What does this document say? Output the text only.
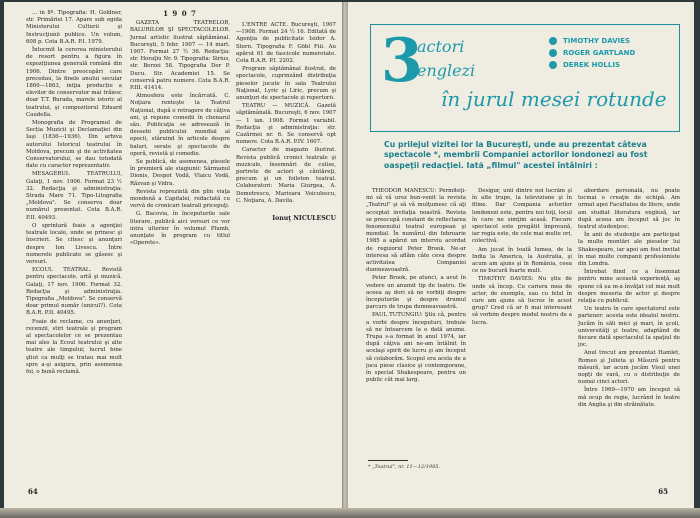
... în 8º. Tipografia: H. Goldner, str. Primăriei 17. Apare sub egida Ministerului Culturii şi Instrucţiunii publice. Un volum, 608 p. Cota B.A.R. P.I. 1979.

Întocmit la cererea ministerului de resort pentru a figura în expoziţiunea generală română din 1906. Dintre preocupări care precedau, la finele anului secular 1860—1863, iniţia producție a elevilor de conservator mai trăiesc doar T.T. Burada, marele istoric al teatrului, şi compozitorul Eduard Caudella.

Monografia de Programul de Secția Muzicii şi Declamaţiei din Iaşi (1836—1936). Din arhiva autorului Istoricul teatrului în Moldova, precum şi de activitatea Conservatorului, se dau totodată date cu caracter reprezentativ.

MESAGERUL TEATRULUI, Galaţi, 1 nov. 1906. Format 23 ½ 32. Redacţia şi administraţia: Strada Mare 71. Tipo-Litografia „Moldova". Se conserva doar numărul prezentat. Cota B.A.R. P.II. 40493.

O sprintară foaie a agenţiei teatrale locale, unde se prinesc şi înscrieri. Se citesc şi anunţuri despre Ion Livescu. Între numerele publicate se găsesc şi versuri.

ECOUL TEATRAL. Revistă pentru spectacole, artă şi muzică. Galaţi, 17 nov. 1906. Format 32. Redacţia şi administraţia. Tipografia „Moldova". Se conservă doar primul număr (unicul?). Cota B.A.R. P.II. 40495.

Foaie de reclame, cu anunţuri, recenzii, stiri teatrale şi program al spectacolelor ce se prezentau mai ales la Ecoul teatrului şi alte teatre ale timpului; lucrul bine ştiut ca mulţi se tratau mai mult spre a-şi asigura, prin asemenea foi, o bună reclamă.

1 9 0 7

GAZETA TEATRELOR, BALURILOR ŞI SPECTACOLELOR. Jurnal artistic ilustrat săptămânal. Bucureşti, 5 febr. 1907 — 14 mart. 1907. Format 27 ½ 36. Redacţia: str. Horaţiu Nr. 9. Tipografia: Sirius, str. Berzei 58. Tipografia Dor P. Ducu. Str. Academiei 15. Se conservă patru numere. Cota B.A.R. P.III. 41414.

Atmosfera este încărcată. C. Noţiara renteşte la Teatrul Naţional, după o retragere de câţiva ani, şi repune comedii în chenarul său. Publicaţia se adresează în deosebi publicului mondial al epocii, stăruind în articole despre baluri, serate şi spectacole de operă, revistă şi comedie.

Se publică, de asemenea, piesele în premieră ale stagiunii: Sărmanul Dionis, Despot Vodă, Vlaicu Vodă, Răzvan şi Vidra.

Revista reprezintă din plin viaţa mondenă a Capitalei, redactată cu vervă de cronicari teatrali pricepuţi.

G. Bacovia, în începuturile sale literare, publică aici versuri ce vor intra ulterior în volumul Plumb, anunţate în program cu titlul «Operete».

L'ENTRE ACTE. Bucureşti, 1907—1908. Format 24 ½ 16. Editată de Agenţia de publicitate Isidor A. Stern. Tipografia F. Göbl Fiii. Au apărut 61 de fascicole numerotate. Cota B.A.R. P.I. 2202.

Program săptămânal ilustrat, de spectacole, cuprinzând distribuţia pieselor jucate în sala Teatrului Naţional, Lyric şi Liric, precum şi anunţuri de spectacole şi repertorii.

TEATRU — MUZICĂ. Gazetă săptămânală. Bucureşti, 6 nov. 1907 — 1 ian. 1908. Format variabil. Redacţia şi administraţia: str. Cazărmei nr. 6. Se conservă opt numere. Cota B.A.R. P.IV. 1607.

Caracter de magazin ilustrat. Revista publică cronici teatrale şi muzicale, însemnări de culise, portrete de actori şi cântăreţi, precum şi un foileton teatral. Colaboratori: Maria Giurgea, A. Demetrescu, Marioara Voiculescu, C. Noţiara, A. Davila.

Ionuţ NICULESCU

64
3
actori
englezi
în jurul mesei rotunde
TIMOTHY DAVIES
ROGER GARTLAND
DEREK HOLLIS
Cu prilejul vizitei lor la Bucureşti, unde au prezentat câteva spectacole *, membrii Companiei actorilor londonezi au fost oaspeţii redacţiei. Iată „filmul" acestei întâlniri :

THEODOR MĂNESCU: Permiteţi-mi să vă urez bun-venit la revista „Teatrul" şi să vă mulţumesc că aţi acceptat invitaţia noastră. Revista se preocupă constant de reflectarea fenomenului teatral european şi mondial. În numărul din februarie 1985 a apărut un interviu acordat de regizorul Peter Brook. Ne-ar interesa să aflăm câte ceva despre activitatea Companiei dumneavoastră.

Peter Brook, pe atunci, a avut în vedere un anumit tip de teatru. De aceea aş dori să ne vorbiţi despre începuturile şi despre drumul parcurs de trupa dumneavoastră.

PAUL TUTUNGIU: Ştiu că, pentru a vorbi despre începuturi, trebuie să ne întoarcem la o dată anume. Trupa s-a format în anul 1974, iar după câţiva ani ne-am întâlnit în acelaşi spirit de lucru şi am început să colaborăm. Scopul era acela de a juca piese clasice şi contemporane, în special Shakespeare, pentru un public cât mai larg.

Desigur, unii dintre noi lucrăm şi în alte trupe, la televiziune şi în filme. Dar Compania actorilor londonezi este, pentru noi toţi, locul în care ne simţim acasă. Fiecare spectacol este pregătit împreună, iar regia este, de cele mai multe ori, colectivă.

Am jucat în toată lumea, de la India la America, la Australia, şi acum am ajuns şi în România, ceea ce ne bucură foarte mult.

TIMOTHY DAVIES: Nu ştiu de unde să încep. Cu cariera mea de actor, de exemplu, sau cu felul în care am ajuns să lucrez în acest grup? Cred că ar fi mai interesant să vorbim despre modul nostru de a lucra.

abordare personală, nu poate tocmai o creaţie de echipă. Am urmat apoi Facultatea de litere, unde am studiat literatura engleză, iar după aceea am început să joc în teatrul studenţesc.

În anii de studenţie am participat la multe montări ale pieselor lui Shakespeare, iar apoi am fost invitat în mai multe companii profesioniste din Londra.

Întrebat fiind ce a însemnat pentru mine această experienţă, aş spune că ea m-a învăţat cel mai mult despre meseria de actor şi despre relaţia cu publicul.

Un teatru în care spectatorul este partener: acesta este idealul nostru. Jucăm în săli mici şi mari, în şcoli, universităţi şi teatre, adaptând de fiecare dată spectacolul la spaţiul de joc.

Anul trecut am prezentat Hamlet, Romeo şi Julieta şi Măsură pentru măsură, iar acum jucăm Visul unei nopţi de vară, cu o distribuţie de numai cinci actori.

Între 1969—1970 am început să mă ocup de regie, lucrând în teatre din Anglia şi din străinătate.

* „Teatrul", nr. 11—12/1985.
65
